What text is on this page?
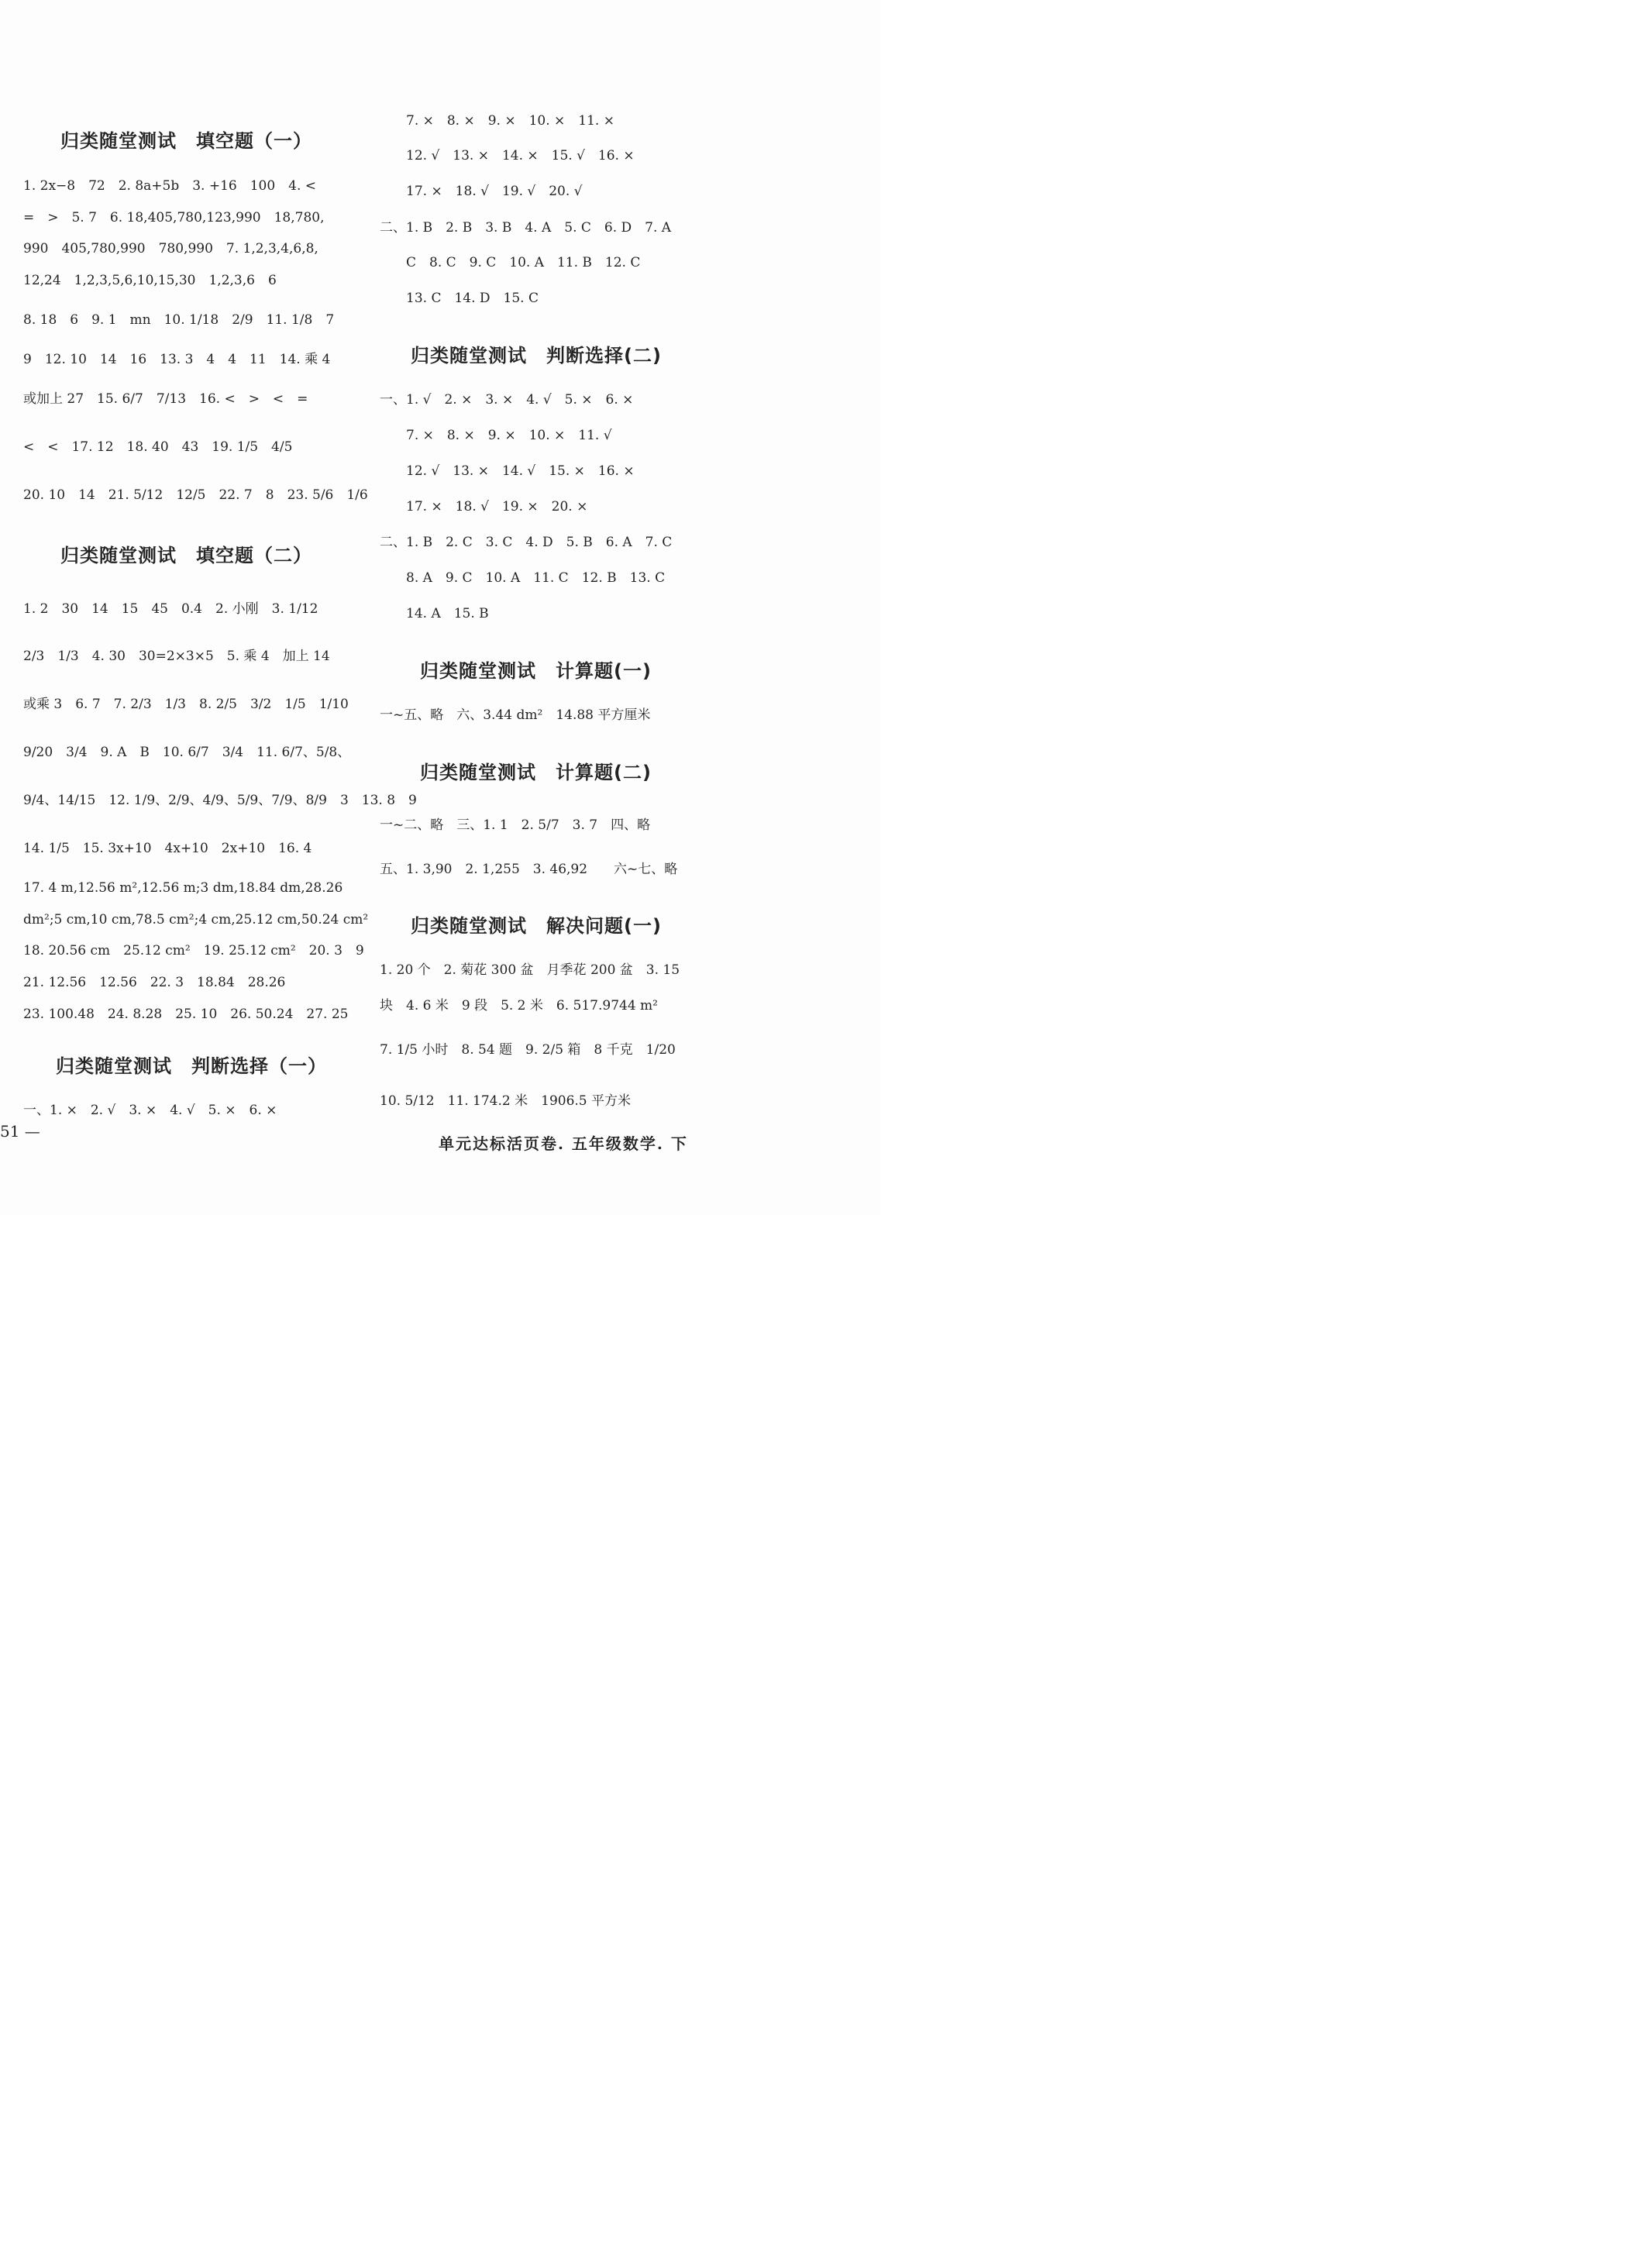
归类随堂测试　填空题（一）
1. 2x−8　72　2. 8a+5b　3. +16　100　4. <
=　>　5. 7　6. 18,405,780,123,990　18,780,
990　405,780,990　780,990　7. 1,2,3,4,6,8,
12,24　1,2,3,5,6,10,15,30　1,2,3,6　6
8. 18　6　9. 1　mn　10. 1/18　2/9　11. 1/8　7
9　12. 10　14　16　13. 3　4　4　11　14. 乘 4
或加上 27　15. 6/7　7/13　16. <　>　<　=
<　<　17. 12　18. 40　43　19. 1/5　4/5
20. 10　14　21. 5/12　12/5　22. 7　8　23. 5/6　1/6
归类随堂测试　填空题（二）
1. 2　30　14　15　45　0.4　2. 小刚　3. 1/12
2/3　1/3　4. 30　30=2×3×5　5. 乘 4　加上 14
或乘 3　6. 7　7. 2/3　1/3　8. 2/5　3/2　1/5　1/10
9/20　3/4　9. A　B　10. 6/7　3/4　11. 6/7、5/8、
9/4、14/15　12. 1/9、2/9、4/9、5/9、7/9、8/9　3　13. 8　9
14. 1/5　15. 3x+10　4x+10　2x+10　16. 4
17. 4 m,12.56 m²,12.56 m;3 dm,18.84 dm,28.26
dm²;5 cm,10 cm,78.5 cm²;4 cm,25.12 cm,50.24 cm²
18. 20.56 cm　25.12 cm²　19. 25.12 cm²　20. 3　9
21. 12.56　12.56　22. 3　18.84　28.26
23. 100.48　24. 8.28　25. 10　26. 50.24　27. 25
归类随堂测试　判断选择（一）
一、1. ×　2. √　3. ×　4. √　5. ×　6. ×
7. ×　8. ×　9. ×　10. ×　11. ×
12. √　13. ×　14. ×　15. √　16. ×
17. ×　18. √　19. √　20. √
二、1. B　2. B　3. B　4. A　5. C　6. D　7. A
C　8. C　9. C　10. A　11. B　12. C
13. C　14. D　15. C
归类随堂测试　判断选择(二)
一、1. √　2. ×　3. ×　4. √　5. ×　6. ×
7. ×　8. ×　9. ×　10. ×　11. √
12. √　13. ×　14. √　15. ×　16. ×
17. ×　18. √　19. ×　20. ×
二、1. B　2. C　3. C　4. D　5. B　6. A　7. C
8. A　9. C　10. A　11. C　12. B　13. C
14. A　15. B
归类随堂测试　计算题(一)
一~五、略　六、3.44 dm²　14.88 平方厘米
归类随堂测试　计算题(二)
一~二、略　三、1. 1　2. 5/7　3. 7　四、略
五、1. 3,90　2. 1,255　3. 46,92　　六~七、略
归类随堂测试　解决问题(一)
1. 20 个　2. 菊花 300 盆　月季花 200 盆　3. 15
块　4. 6 米　9 段　5. 2 米　6. 517.9744 m²
7. 1/5 小时　8. 54 题　9. 2/5 箱　8 千克　1/20
10. 5/12　11. 174.2 米　1906.5 平方米
51 —
单元达标活页卷. 五年级数学. 下
